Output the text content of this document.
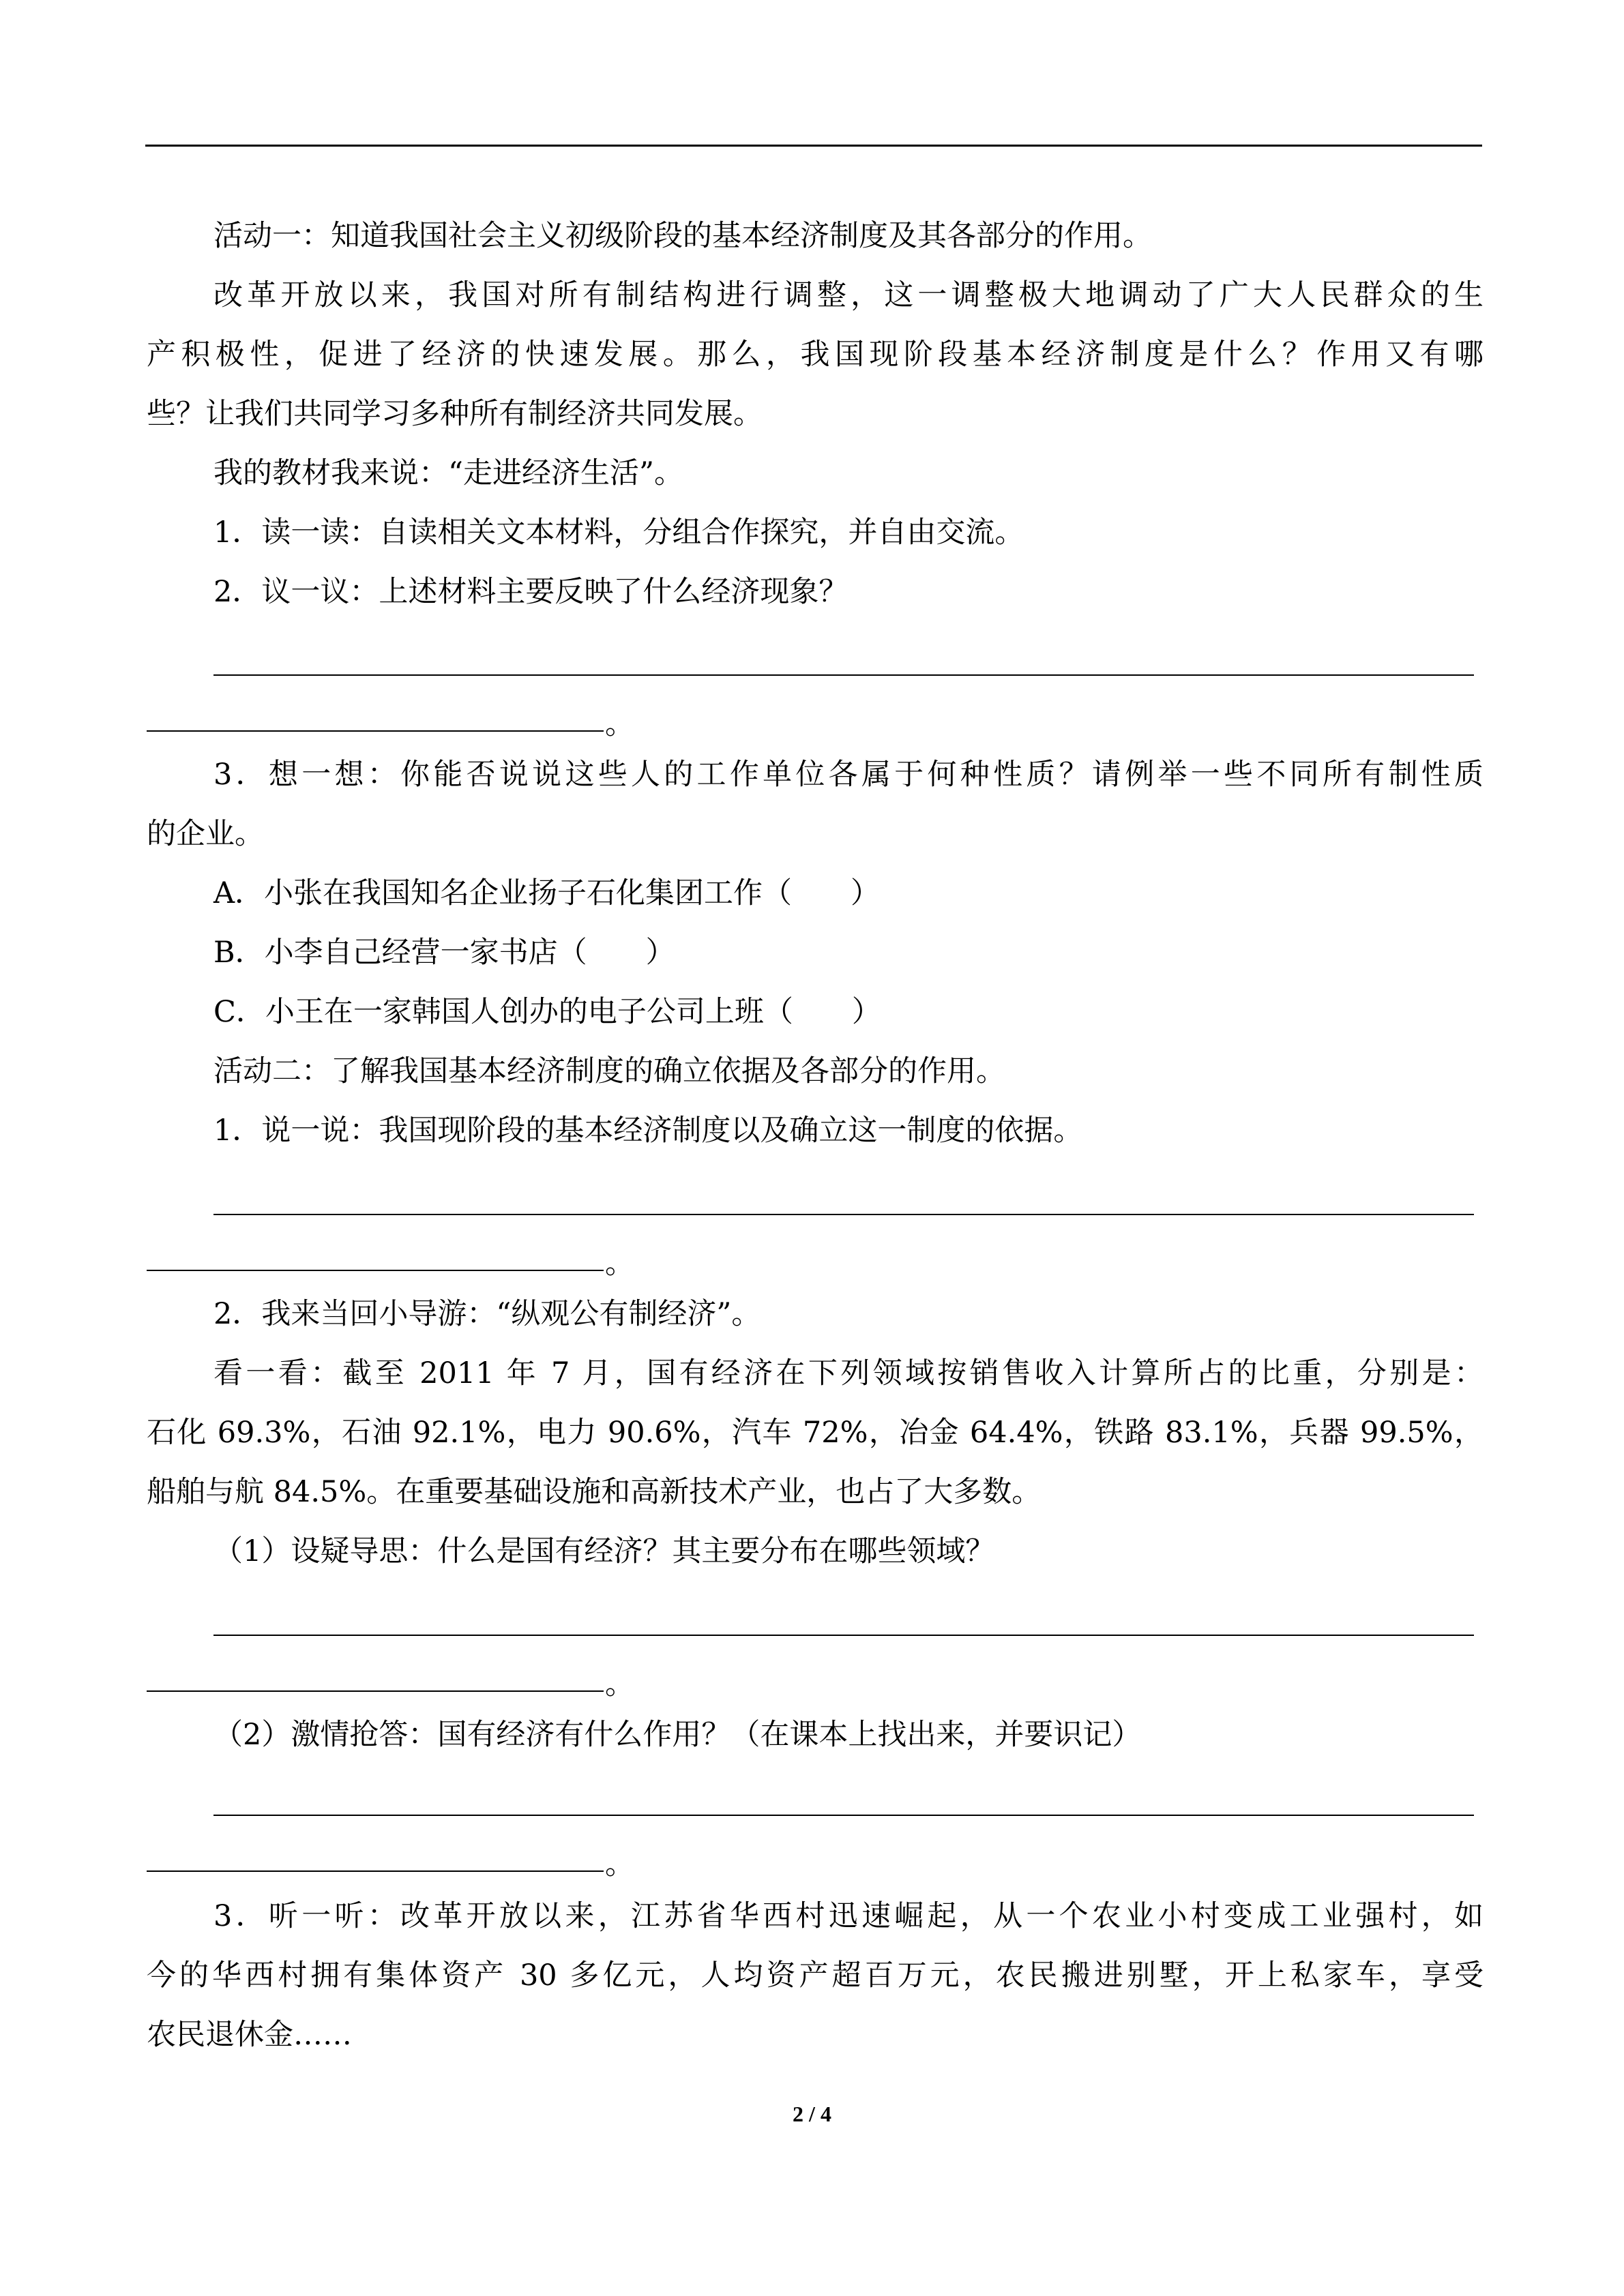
活动一：知道我国社会主义初级阶段的基本经济制度及其各部分的作用。
改革开放以来，我国对所有制结构进行调整，这一调整极大地调动了广大人民群众的生
产积极性，促进了经济的快速发展。那么，我国现阶段基本经济制度是什么？作用又有哪
些？让我们共同学习多种所有制经济共同发展。
我的教材我来说：“走进经济生活”。
1．读一读：自读相关文本材料，分组合作探究，并自由交流。
2．议一议：上述材料主要反映了什么经济现象？
。
3．想一想：你能否说说这些人的工作单位各属于何种性质？请例举一些不同所有制性质
的企业。
A．小张在我国知名企业扬子石化集团工作（　　）
B．小李自己经营一家书店（　　）
C．小王在一家韩国人创办的电子公司上班（　　）
活动二：了解我国基本经济制度的确立依据及各部分的作用。
1．说一说：我国现阶段的基本经济制度以及确立这一制度的依据。
。
2．我来当回小导游：“纵观公有制经济”。
看一看：截至 2011 年 7 月，国有经济在下列领域按销售收入计算所占的比重，分别是：
石化 69.3%，石油 92.1%，电力 90.6%，汽车 72%，冶金 64.4%，铁路 83.1%，兵器 99.5%，
船舶与航 84.5%。在重要基础设施和高新技术产业，也占了大多数。
（1）设疑导思：什么是国有经济？其主要分布在哪些领域？
。
（2）激情抢答：国有经济有什么作用？（在课本上找出来，并要识记）
。
3．听一听：改革开放以来，江苏省华西村迅速崛起，从一个农业小村变成工业强村，如
今的华西村拥有集体资产 30 多亿元，人均资产超百万元，农民搬进别墅，开上私家车，享受
农民退休金……
2 / 4
